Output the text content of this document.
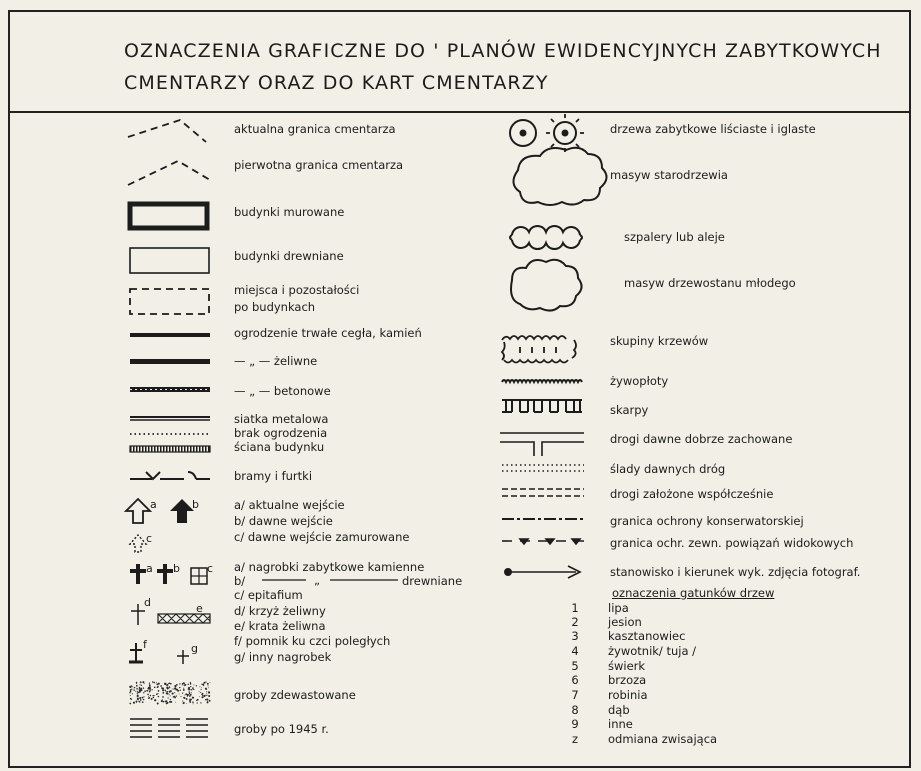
OZNACZENIA GRAFICZNE DO ' PLANÓW EWIDENCYJNYCH ZABYTKOWYCH
CMENTARZY ORAZ DO KART CMENTARZY
aktualna granica cmentarza
pierwotna granica cmentarza
budynki murowane
budynki drewniane
miejsca i pozostałości
po budynkach
ogrodzenie trwałe cegła, kamień
— „ — żeliwne
— „ — betonowe
siatka metalowa
brak ogrodzenia
ściana budynku
bramy i furtki
a/ aktualne wejście
b/ dawne wejście
c/ dawne wejście zamurowane
a/ nagrobki zabytkowe kamienne
b/	„	drewniane
c/ epitafium
d/ krzyż żeliwny
e/ krata żeliwna
f/ pomnik ku czci poległych
g/ inny nagrobek
groby zdewastowane
groby po 1945 r.
drzewa zabytkowe liściaste i iglaste
masyw starodrzewia
szpalery lub aleje
masyw drzewostanu młodego
skupiny krzewów
żywopłoty
skarpy
drogi dawne dobrze zachowane
ślady dawnych dróg
drogi założone współcześnie
granica ochrony konserwatorskiej
granica ochr. zewn. powiązań widokowych
stanowisko i kierunek wyk. zdjęcia fotograf.
oznaczenia gatunków drzew
1	lipa
2	jesion
3	kasztanowiec
4	żywotnik/ tuja /
5	świerk
6	brzoza
7	robinia
8	dąb
9	inne
z	odmiana zwisająca
a	b
c
a b c
d	e
f	g
